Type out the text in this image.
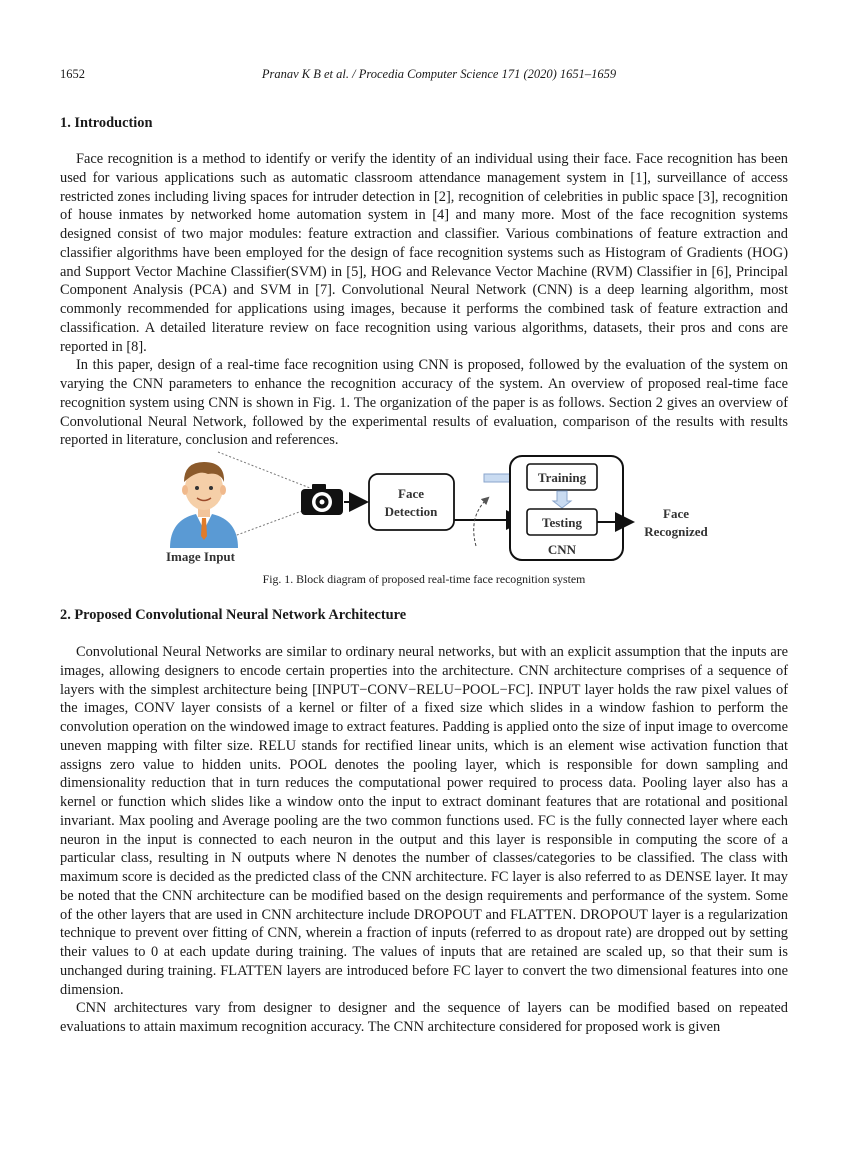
1652	Pranav K B et al. / Procedia Computer Science 171 (2020) 1651–1659
1. Introduction

Face recognition is a method to identify or verify the identity of an individual using their face. Face recognition has been used for various applications such as automatic classroom attendance management system in [1], surveillance of access restricted zones including living spaces for intruder detection in [2], recognition of celebrities in public space [3], recognition of house inmates by networked home automation system in [4] and many more. Most of the face recognition systems designed consist of two major modules: feature extraction and classifier. Various combinations of feature extraction and classifier algorithms have been employed for the design of face recognition systems such as Histogram of Gradients (HOG) and Support Vector Machine Classifier(SVM) in [5], HOG and Relevance Vector Machine (RVM) Classifier in [6], Principal Component Analysis (PCA) and SVM in [7]. Convolutional Neural Network (CNN) is a deep learning algorithm, most commonly recommended for applications using images, because it performs the combined task of feature extraction and classification. A detailed literature review on face recognition using various algorithms, datasets, their pros and cons are reported in [8].

In this paper, design of a real-time face recognition using CNN is proposed, followed by the evaluation of the system on varying the CNN parameters to enhance the recognition accuracy of the system. An overview of proposed real-time face recognition system using CNN is shown in Fig. 1. The organization of the paper is as follows. Section 2 gives an overview of Convolutional Neural Network, followed by the experimental results of evaluation, comparison of the results with results reported in literature, conclusion and references.

Image Input
Face
Detection
Training
Testing
CNN
Face
Recognized
Fig. 1. Block diagram of proposed real-time face recognition system
2. Proposed Convolutional Neural Network Architecture

Convolutional Neural Networks are similar to ordinary neural networks, but with an explicit assumption that the inputs are images, allowing designers to encode certain properties into the architecture. CNN architecture comprises of a sequence of layers with the simplest architecture being [INPUT−CONV−RELU−POOL−FC]. INPUT layer holds the raw pixel values of the images, CONV layer consists of a kernel or filter of a fixed size which slides in a window fashion to perform the convolution operation on the windowed image to extract features. Padding is applied onto the size of input image to overcome uneven mapping with filter size. RELU stands for rectified linear units, which is an element wise activation function that assigns zero value to hidden units. POOL denotes the pooling layer, which is responsible for down sampling and dimensionality reduction that in turn reduces the computational power required to process data. Pooling layer also has a kernel or function which slides like a window onto the input to extract dominant features that are rotational and positional invariant. Max pooling and Average pooling are the two common functions used. FC is the fully connected layer where each neuron in the input is connected to each neuron in the output and this layer is responsible in computing the score of a particular class, resulting in N outputs where N denotes the number of classes/categories to be classified. The class with maximum score is decided as the predicted class of the CNN architecture. FC layer is also referred to as DENSE layer. It may be noted that the CNN architecture can be modified based on the design requirements and performance of the system. Some of the other layers that are used in CNN architecture include DROPOUT and FLATTEN. DROPOUT layer is a regularization technique to prevent over fitting of CNN, wherein a fraction of inputs (referred to as dropout rate) are dropped out by setting their values to 0 at each update during training. The values of inputs that are retained are scaled up, so that their sum is unchanged during training. FLATTEN layers are introduced before FC layer to convert the two dimensional features into one dimension.

CNN architectures vary from designer to designer and the sequence of layers can be modified based on repeated evaluations to attain maximum recognition accuracy. The CNN architecture considered for proposed work is given
